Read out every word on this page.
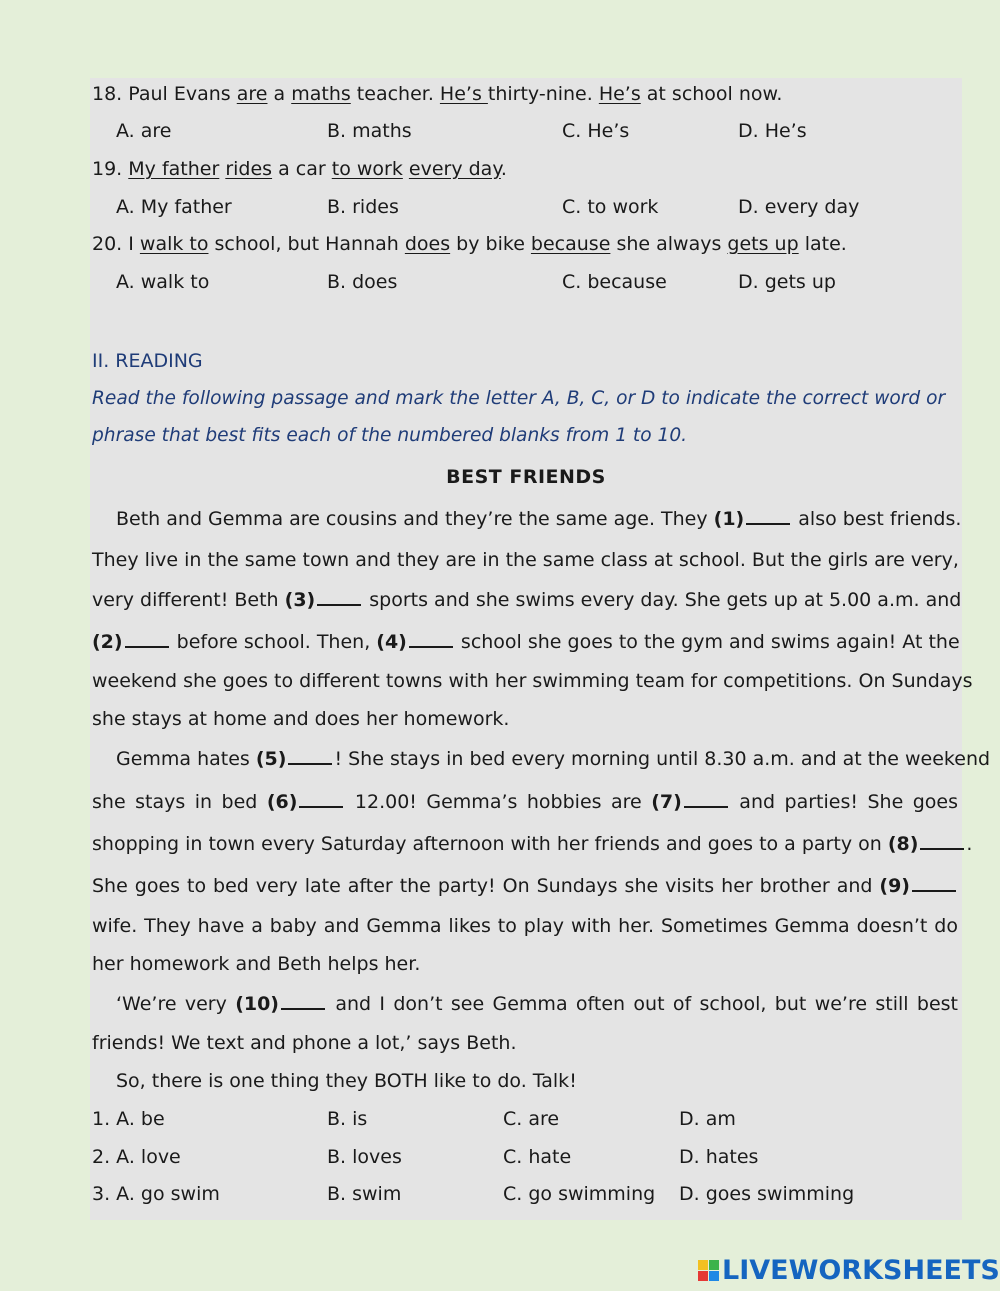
18. Paul Evans are a maths teacher. He’s thirty-nine. He’s at school now.
A. are	B. maths	C. He’s	D. He’s
19. My father rides a car to work every day.
A. My father	B. rides	C. to work	D. every day
20. I walk to school, but Hannah does by bike because she always gets up late.
A. walk to	B. does	C. because	D. gets up
II. READING
Read the following passage and mark the letter A, B, C, or D to indicate the correct word or
phrase that best fits each of the numbered blanks from 1 to 10.
BEST FRIENDS
Beth and Gemma are cousins and they’re the same age. They (1)	also best friends.
They live in the same town and they are in the same class at school. But the girls are very,
very different! Beth (3)	sports and she swims every day. She gets up at 5.00 a.m. and
(2)	before school. Then, (4)	school she goes to the gym and swims again! At the
weekend she goes to different towns with her swimming team for competitions. On Sundays
she stays at home and does her homework.
Gemma hates (5)	! She stays in bed every morning until 8.30 a.m. and at the weekend
she stays in bed (6)	12.00! Gemma’s hobbies are (7)	and parties! She goes
shopping in town every Saturday afternoon with her friends and goes to a party on (8)	.
She goes to bed very late after the party! On Sundays she visits her brother and (9)
wife. They have a baby and Gemma likes to play with her. Sometimes Gemma doesn’t do
her homework and Beth helps her.
‘We’re very (10)	and I don’t see Gemma often out of school, but we’re still best
friends! We text and phone a lot,’ says Beth.
So, there is one thing they BOTH like to do. Talk!
1. A. be	B. is	C. are	D. am
2. A. love	B. loves	C. hate	D. hates
3. A. go swim	B. swim	C. go swimming D. goes swimming
LIVEWORKSHEETS
